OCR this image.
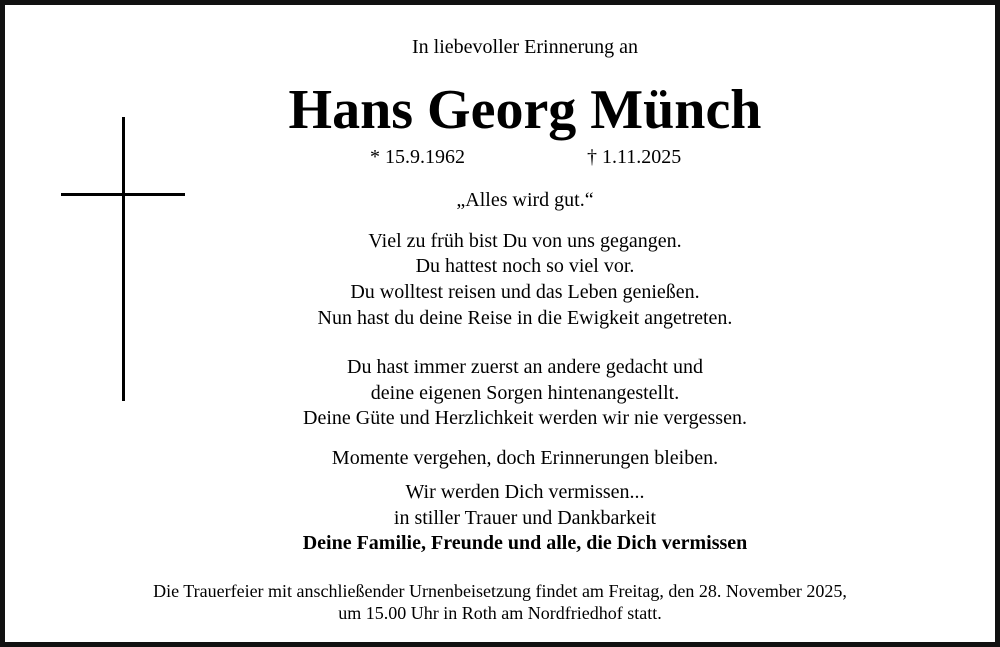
In liebevoller Erinnerung an
Hans Georg Münch
* 15.9.1962	† 1.11.2025
„Alles wird gut.“
Viel zu früh bist Du von uns gegangen.
Du hattest noch so viel vor.
Du wolltest reisen und das Leben genießen.
Nun hast du deine Reise in die Ewigkeit angetreten.
Du hast immer zuerst an andere gedacht und
deine eigenen Sorgen hintenangestellt.
Deine Güte und Herzlichkeit werden wir nie vergessen.
Momente vergehen, doch Erinnerungen bleiben.
Wir werden Dich vermissen...
in stiller Trauer und Dankbarkeit
Deine Familie, Freunde und alle, die Dich vermissen
Die Trauerfeier mit anschließender Urnenbeisetzung findet am Freitag, den 28. November 2025,
um 15.00 Uhr in Roth am Nordfriedhof statt.
